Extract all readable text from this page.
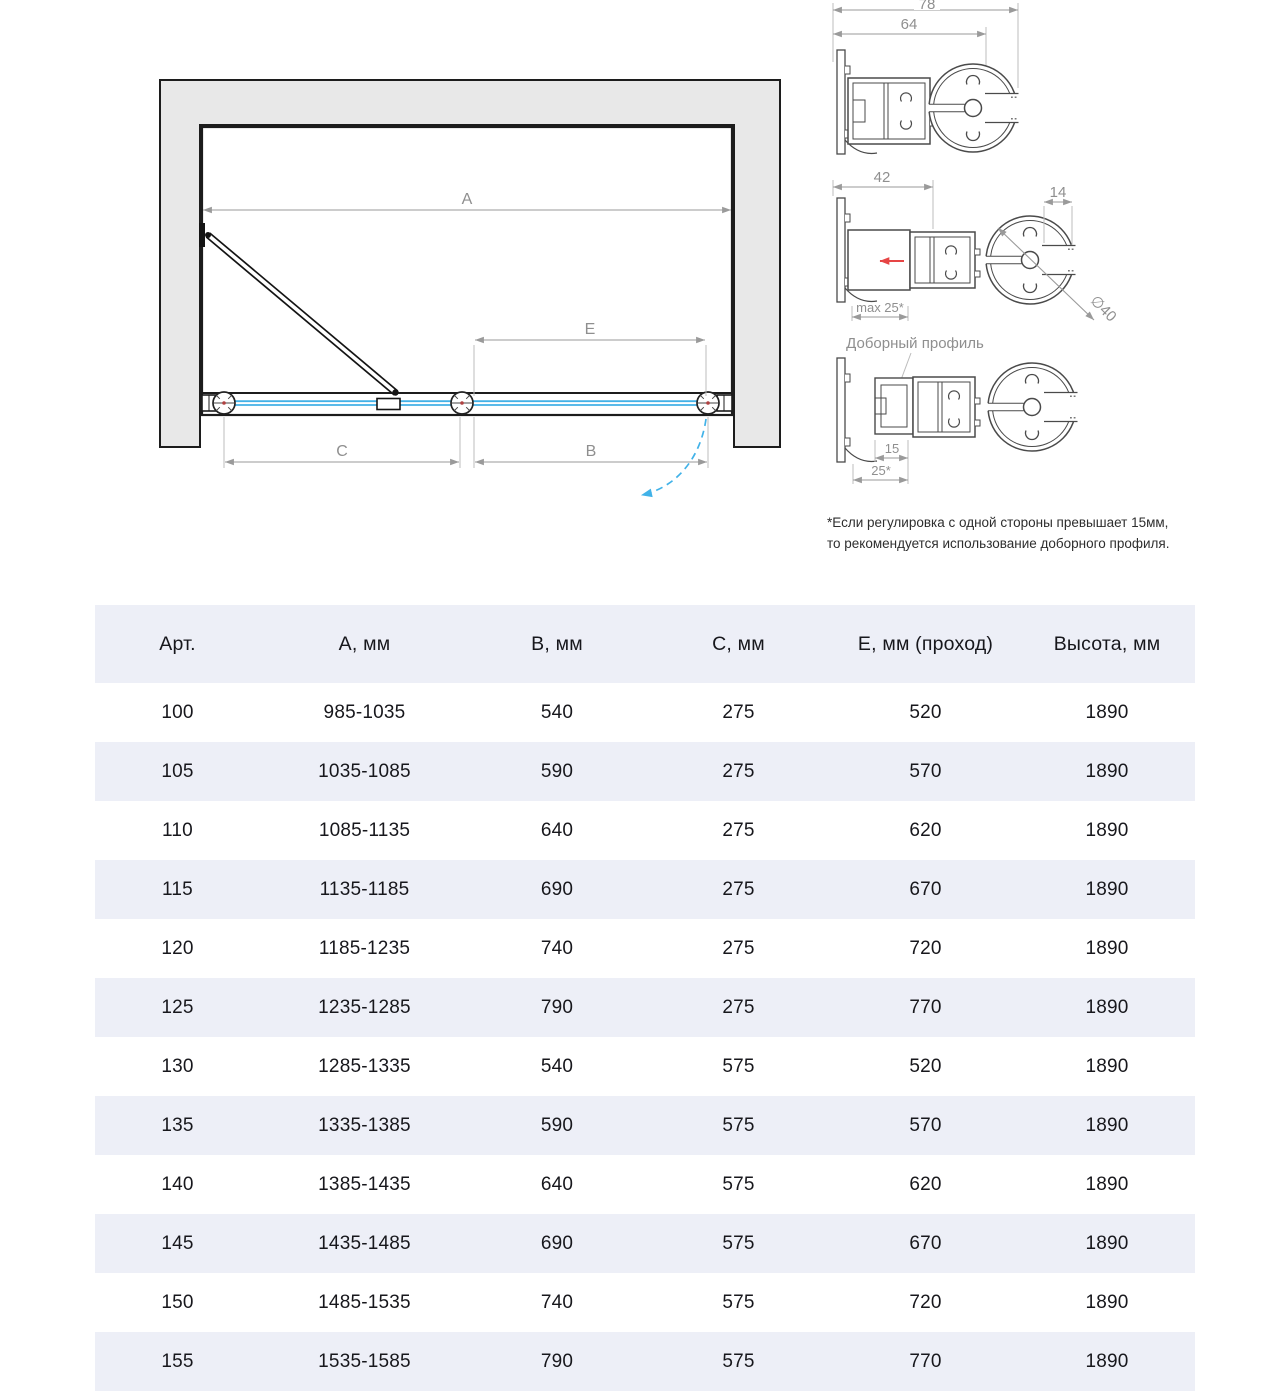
A
E
C	B
78
64
42
14
max 25*	∅40
Доборный профиль
15
25*
*Если регулировка с одной стороны превышает 15мм,
то рекомендуется использование доборного профиля.
Арт.	А, мм	В, мм	С, мм	Е, мм (проход)	Высота, мм
100	985-1035	540	275	520	1890
105	1035-1085	590	275	570	1890
110	1085-1135	640	275	620	1890
115	1135-1185	690	275	670	1890
120	1185-1235	740	275	720	1890
125	1235-1285	790	275	770	1890
130	1285-1335	540	575	520	1890
135	1335-1385	590	575	570	1890
140	1385-1435	640	575	620	1890
145	1435-1485	690	575	670	1890
150	1485-1535	740	575	720	1890
155	1535-1585	790	575	770	1890
